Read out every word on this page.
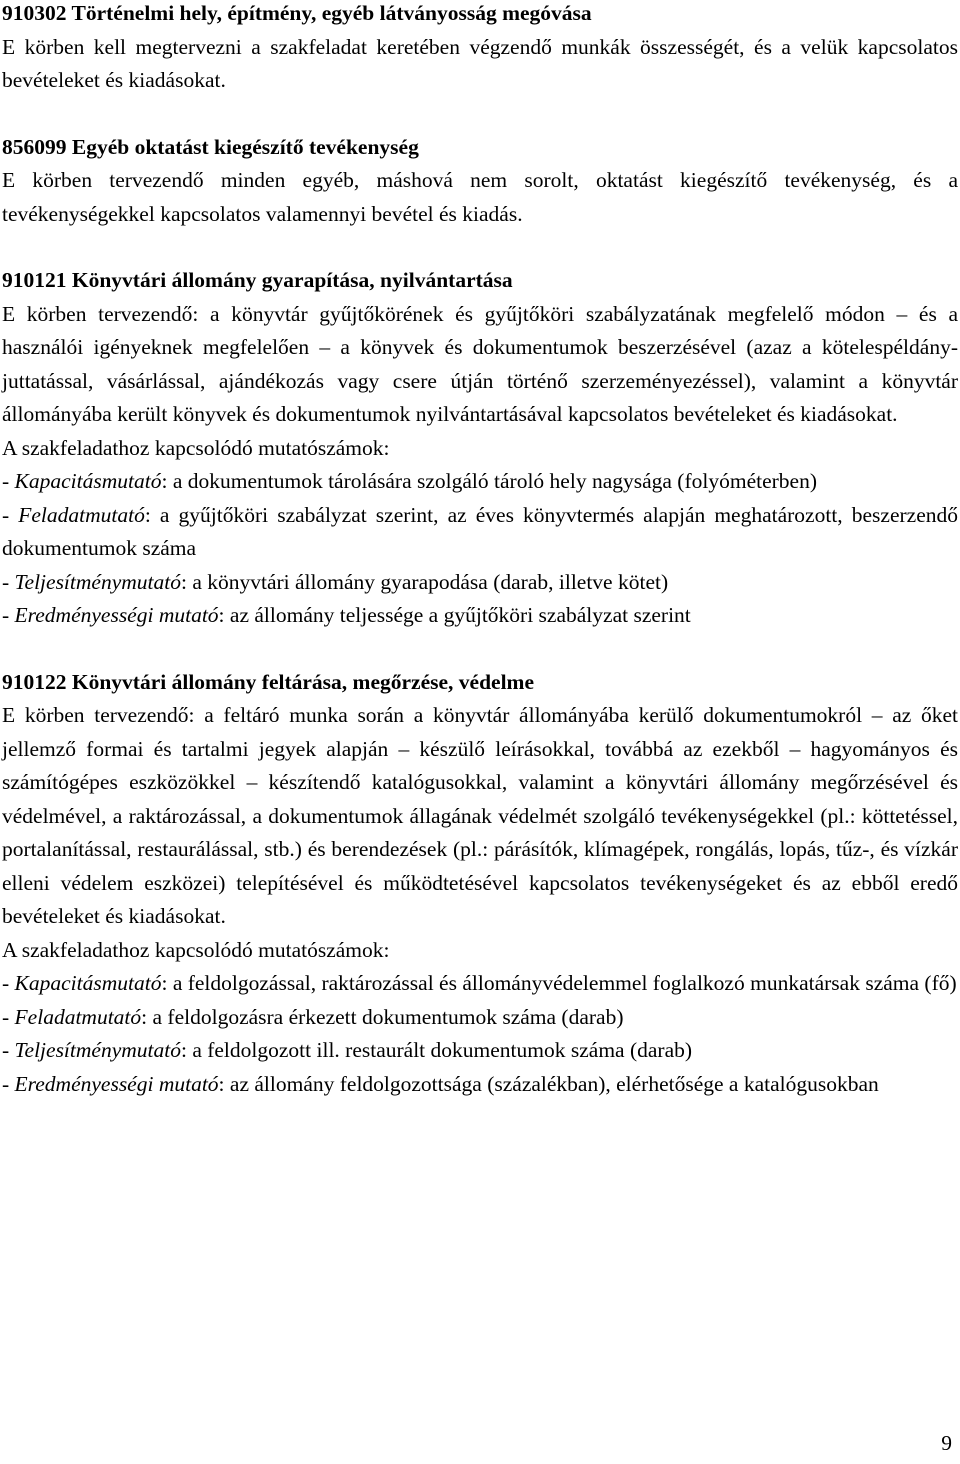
910302 Történelmi hely, építmény, egyéb látványosság megóvása

E körben kell megtervezni a szakfeladat keretében végzendő munkák összességét, és a velük kapcsolatos bevételeket és kiadásokat.

856099 Egyéb oktatást kiegészítő tevékenység

E körben tervezendő minden egyéb, máshová nem sorolt, oktatást kiegészítő tevékenység, és a tevékenységekkel kapcsolatos valamennyi bevétel és kiadás.

910121 Könyvtári állomány gyarapítása, nyilvántartása

E körben tervezendő: a könyvtár gyűjtőkörének és gyűjtőköri szabályzatának megfelelő módon – és a használói igényeknek megfelelően – a könyvek és dokumentumok beszerzésével (azaz a kötelespéldány-juttatással, vásárlással, ajándékozás vagy csere útján történő szerzeményezéssel), valamint a könyvtár állományába került könyvek és dokumentumok nyilvántartásával kapcsolatos bevételeket és kiadásokat.

A szakfeladathoz kapcsolódó mutatószámok:
- Kapacitásmutató: a dokumentumok tárolására szolgáló tároló hely nagysága (folyóméterben)
- Feladatmutató: a gyűjtőköri szabályzat szerint, az éves könyvtermés alapján meghatározott, beszerzendő dokumentumok száma
- Teljesítménymutató: a könyvtári állomány gyarapodása (darab, illetve kötet)
- Eredményességi mutató: az állomány teljessége a gyűjtőköri szabályzat szerint
910122 Könyvtári állomány feltárása, megőrzése, védelme

E körben tervezendő: a feltáró munka során a könyvtár állományába kerülő dokumentumokról – az őket jellemző formai és tartalmi jegyek alapján – készülő leírásokkal, továbbá az ezekből – hagyományos és számítógépes eszközökkel – készítendő katalógusokkal, valamint a könyvtári állomány megőrzésével és védelmével, a raktározással, a dokumentumok állagának védelmét szolgáló tevékenységekkel (pl.: köttetéssel, portalanítással, restaurálással, stb.) és berendezések (pl.: párásítók, klímagépek, rongálás, lopás, tűz-, és vízkár elleni védelem eszközei) telepítésével és működtetésével kapcsolatos tevékenységeket és az ebből eredő bevételeket és kiadásokat.

A szakfeladathoz kapcsolódó mutatószámok:
- Kapacitásmutató: a feldolgozással, raktározással és állományvédelemmel foglalkozó munkatársak száma (fő)
- Feladatmutató: a feldolgozásra érkezett dokumentumok száma (darab)
- Teljesítménymutató: a feldolgozott ill. restaurált dokumentumok száma (darab)
- Eredményességi mutató: az állomány feldolgozottsága (százalékban), elérhetősége a katalógusokban
9
